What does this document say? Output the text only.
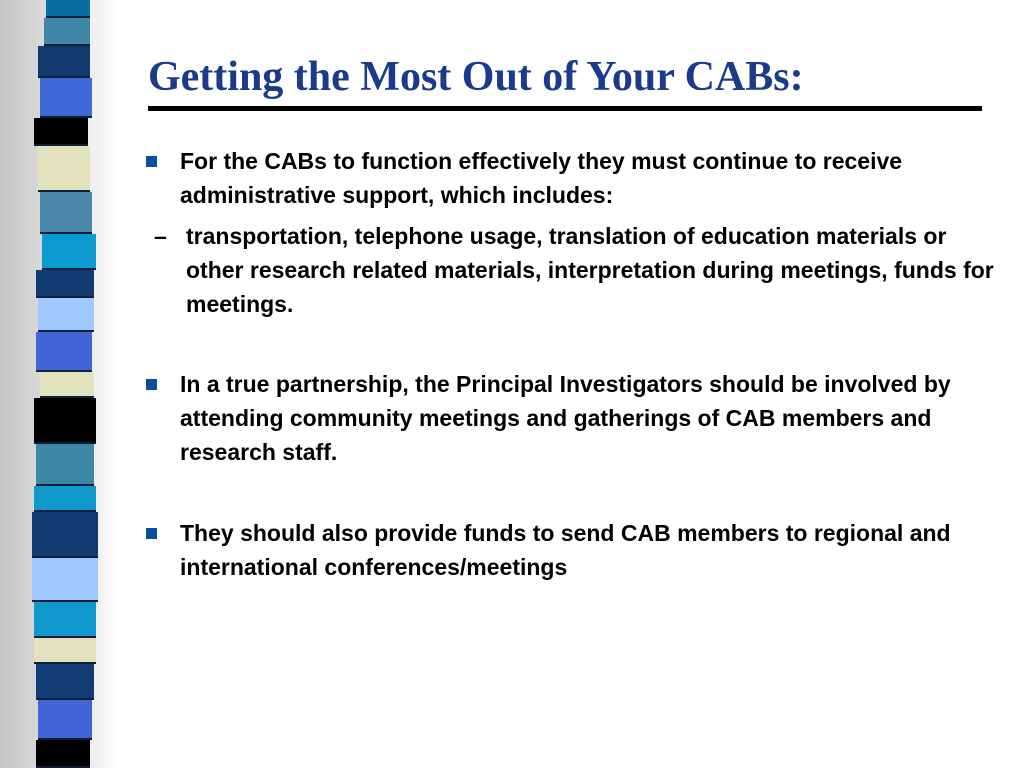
Getting the Most Out of Your CABs:
For the CABs to function effectively they must continue to receive administrative support, which includes:
– transportation, telephone usage, translation of education materials or other research related materials, interpretation during meetings, funds for meetings.
In a true partnership, the Principal Investigators should be involved by attending community meetings and gatherings of CAB members and research staff.
They should also provide funds to send CAB members to regional and international conferences/meetings
